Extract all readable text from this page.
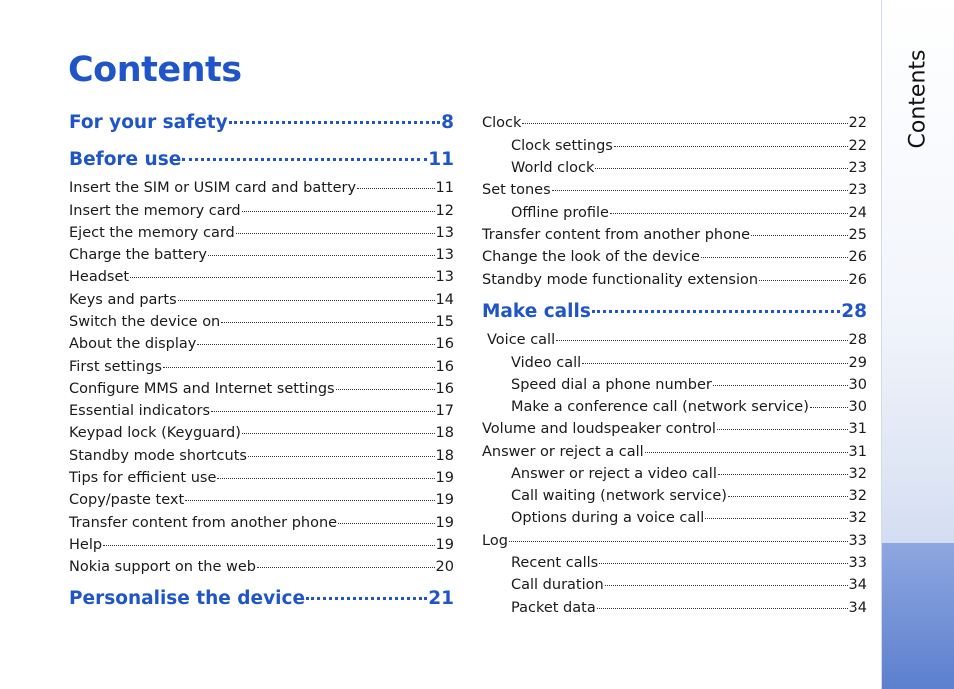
Contents
For your safety	8
Before use	11
Insert the SIM or USIM card and battery	11
Insert the memory card	12
Eject the memory card	13
Charge the battery	13
Headset	13
Keys and parts	14
Switch the device on	15
About the display	16
First settings	16
Configure MMS and Internet settings	16
Essential indicators	17
Keypad lock (Keyguard)	18
Standby mode shortcuts	18
Tips for efficient use	19
Copy/paste text	19
Transfer content from another phone	19
Help	19
Nokia support on the web	20
Personalise the device	21
Clock	22
Clock settings	22
World clock	23
Set tones	23
Offline profile	24
Transfer content from another phone	25
Change the look of the device	26
Standby mode functionality extension	26
Make calls	28
Voice call	28
Video call	29
Speed dial a phone number	30
Make a conference call (network service)	30
Volume and loudspeaker control	31
Answer or reject a call	31
Answer or reject a video call	32
Call waiting (network service)	32
Options during a voice call	32
Log	33
Recent calls	33
Call duration	34
Packet data	34
Contents
